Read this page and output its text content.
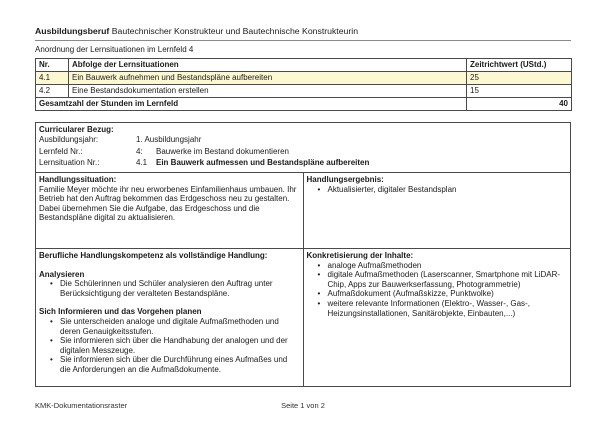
Ausbildungsberuf Bautechnischer Konstrukteur und Bautechnische Konstrukteurin
Anordnung der Lernsituationen im Lernfeld 4
Nr.	Abfolge der Lernsituationen	Zeitrichtwert (UStd.)
4.1	Ein Bauwerk aufnehmen und Bestandspläne aufbereiten	25
4.2	Eine Bestandsdokumentation erstellen	15
Gesamtzahl der Stunden im Lernfeld		40
Curricularer Bezug:
Ausbildungsjahr:	1. Ausbildungsjahr
Lernfeld Nr.:	4: Bauwerke im Bestand dokumentieren
Lernsituation Nr.:	4.1 Ein Bauwerk aufmessen und Bestandspläne aufbereiten

Handlungssituation:
Familie Meyer möchte ihr neu erworbenes Einfamilienhaus umbauen. Ihr Betrieb hat den Auftrag bekommen das Erdgeschoss neu zu gestalten.
Dabei übernehmen Sie die Aufgabe, das Erdgeschoss und die Bestandspläne digital zu aktualisieren.

Handlungsergebnis:
• Aktualisierter, digitaler Bestandsplan

Berufliche Handlungskompetenz als vollständige Handlung:
Analysieren
• Die Schülerinnen und Schüler analysieren den Auftrag unter Berücksichtigung der veralteten Bestandspläne.
Sich Informieren und das Vorgehen planen
• Sie unterscheiden analoge und digitale Aufmaßmethoden und deren Genauigkeitsstufen.
• Sie informieren sich über die Handhabung der analogen und der digitalen Messzeuge.
• Sie informieren sich über die Durchführung eines Aufmaßes und die Anforderungen an die Aufmaßdokumente.

Konkretisierung der Inhalte:
• analoge Aufmaßmethoden
• digitale Aufmaßmethoden (Laserscanner, Smartphone mit LiDAR-Chip, Apps zur Bauwerkserfassung, Photogrammetrie)
• Aufmaßdokument (Aufmaßskizze, Punktwolke)
• weitere relevante Informationen (Elektro-, Wasser-, Gas-, Heizungsinstallationen, Sanitärobjekte, Einbauten,...)
KMK-Dokumentationsraster	Seite 1 von 2
